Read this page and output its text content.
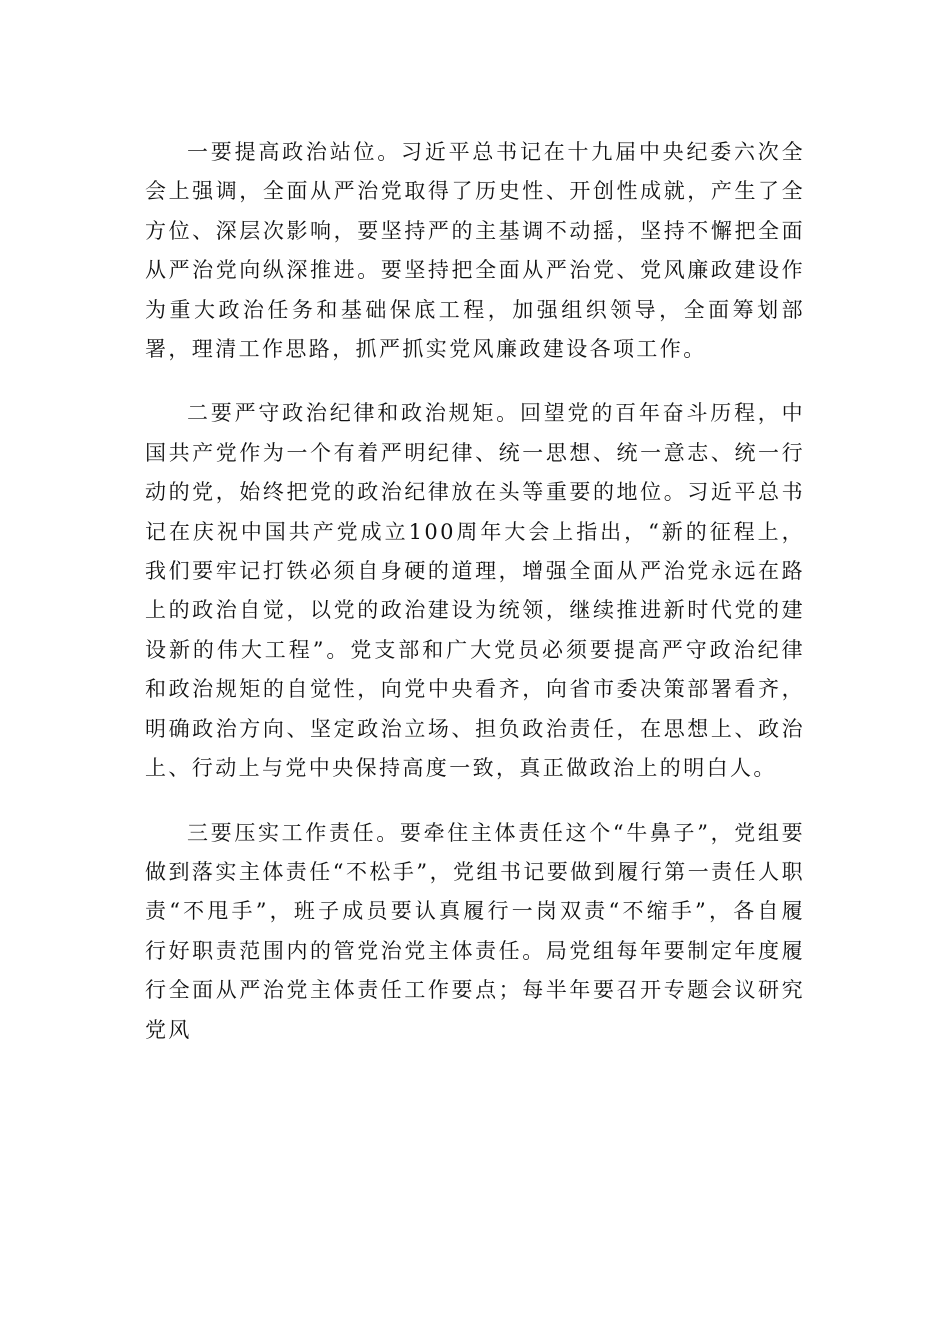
一要提高政治站位。习近平总书记在十九届中央纪委六次全会上强调，全面从严治党取得了历史性、开创性成就，产生了全方位、深层次影响，要坚持严的主基调不动摇，坚持不懈把全面从严治党向纵深推进。要坚持把全面从严治党、党风廉政建设作为重大政治任务和基础保底工程，加强组织领导，全面筹划部署，理清工作思路，抓严抓实党风廉政建设各项工作。

二要严守政治纪律和政治规矩。回望党的百年奋斗历程，中国共产党作为一个有着严明纪律、统一思想、统一意志、统一行动的党，始终把党的政治纪律放在头等重要的地位。习近平总书记在庆祝中国共产党成立100周年大会上指出，“新的征程上，我们要牢记打铁必须自身硬的道理，增强全面从严治党永远在路上的政治自觉，以党的政治建设为统领，继续推进新时代党的建设新的伟大工程”。党支部和广大党员必须要提高严守政治纪律和政治规矩的自觉性，向党中央看齐，向省市委决策部署看齐，明确政治方向、坚定政治立场、担负政治责任，在思想上、政治上、行动上与党中央保持高度一致，真正做政治上的明白人。

三要压实工作责任。要牵住主体责任这个“牛鼻子”，党组要做到落实主体责任“不松手”，党组书记要做到履行第一责任人职责“不甩手”，班子成员要认真履行一岗双责“不缩手”，各自履行好职责范围内的管党治党主体责任。局党组每年要制定年度履行全面从严治党主体责任工作要点；每半年要召开专题会议研究党风
